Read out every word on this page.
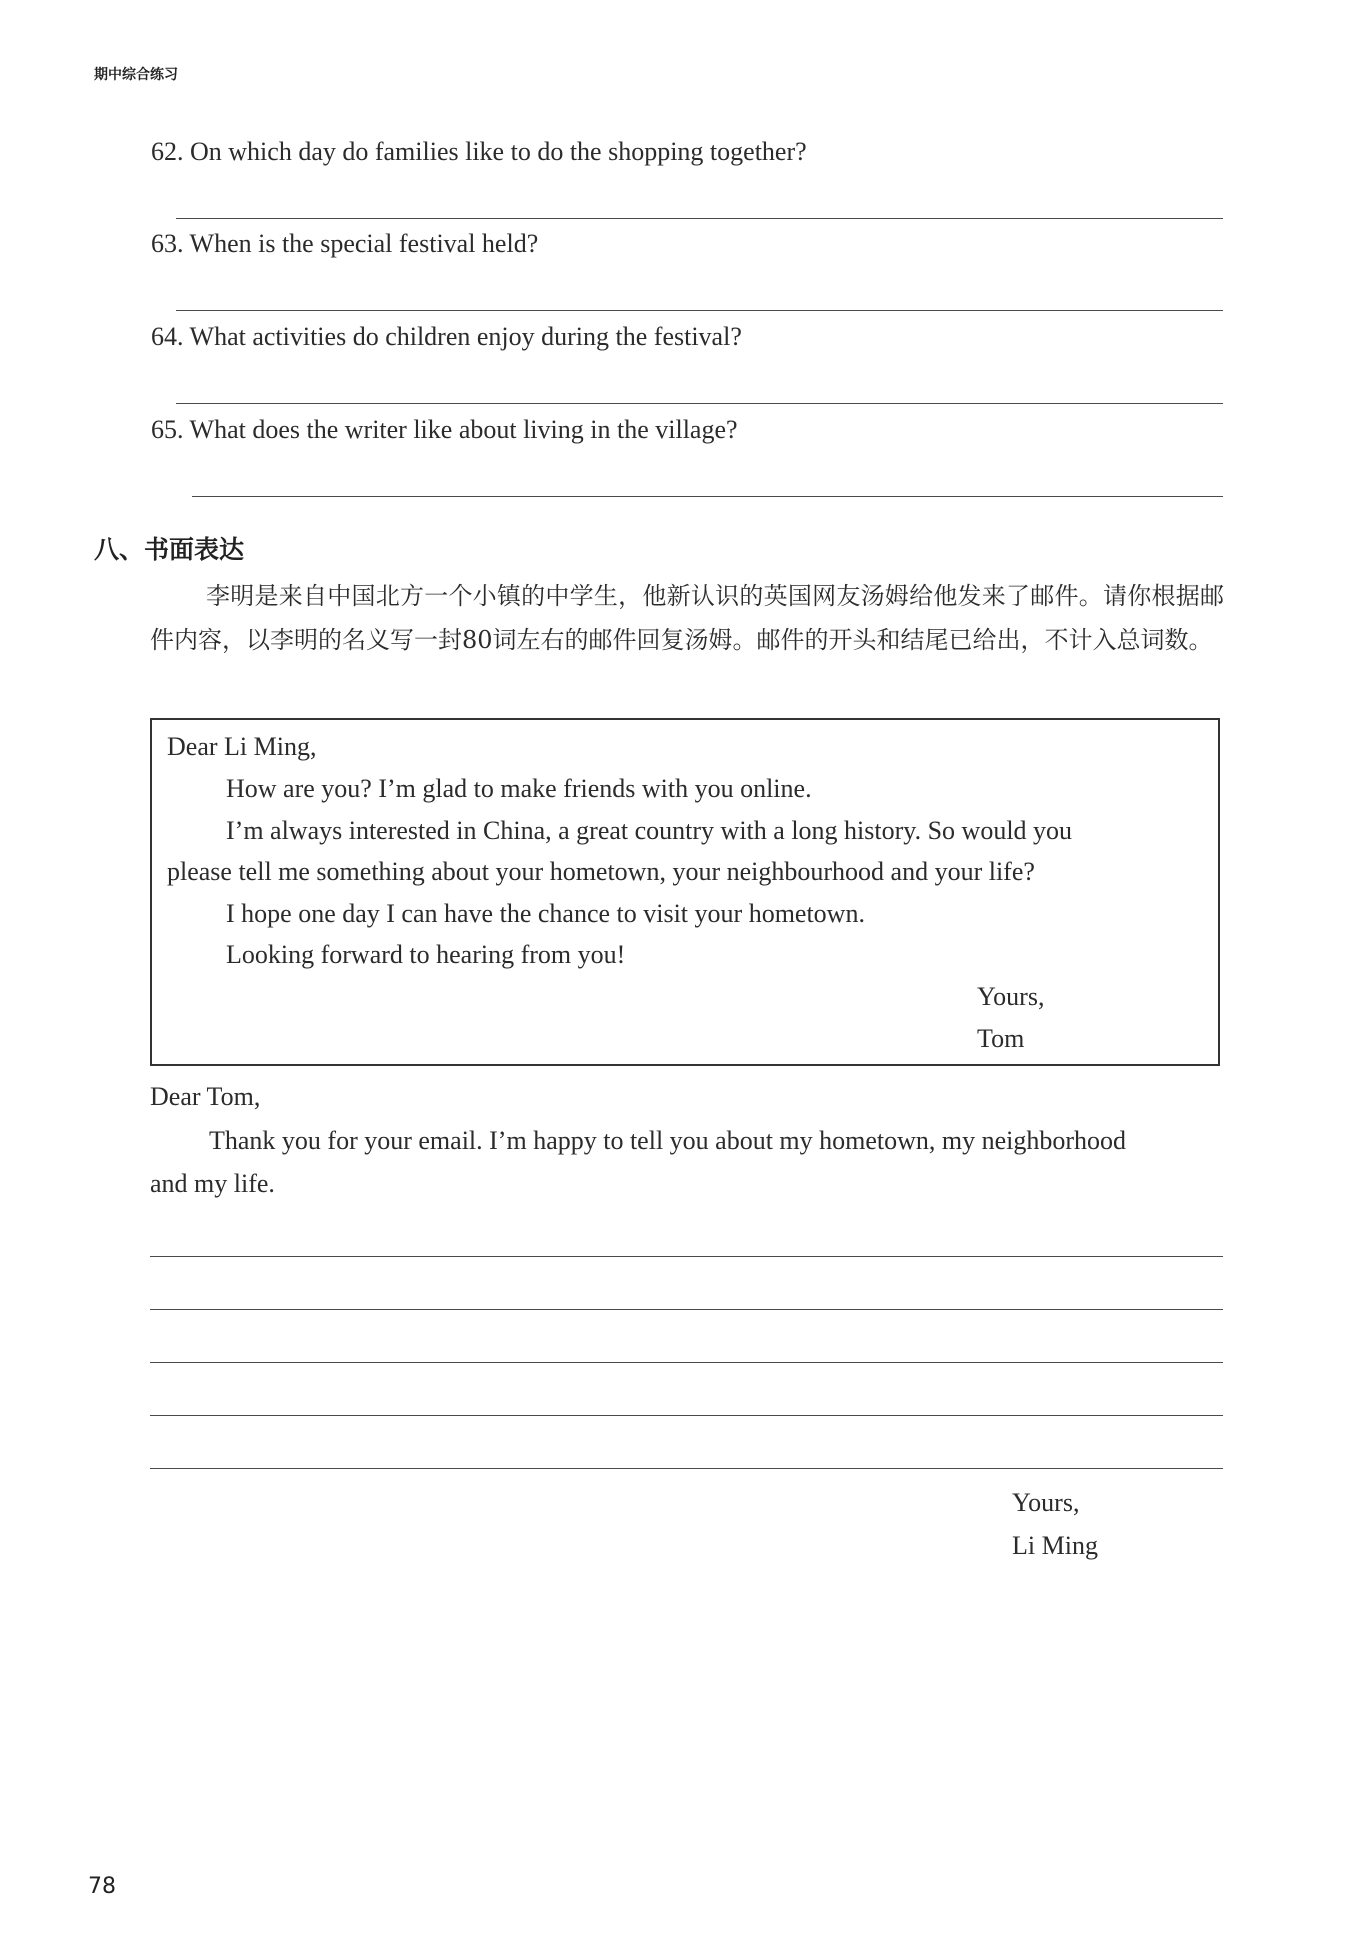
期中综合练习
62. On which day do families like to do the shopping together?
63. When is the special festival held?
64. What activities do children enjoy during the festival?
65. What does the writer like about living in the village?
八、书面表达
李明是来自中国北方一个小镇的中学生，他新认识的英国网友汤姆给他发来了邮件。请你根据邮件内容，以李明的名义写一封80词左右的邮件回复汤姆。邮件的开头和结尾已给出，不计入总词数。
Dear Li Ming,
How are you? I’m glad to make friends with you online.
I’m always interested in China, a great country with a long history. So would you
please tell me something about your hometown, your neighbourhood and your life?
I hope one day I can have the chance to visit your hometown.
Looking forward to hearing from you!
Yours,
Tom
Dear Tom,
Thank you for your email. I’m happy to tell you about my hometown, my neighborhood
and my life.
Yours,
Li Ming
78
